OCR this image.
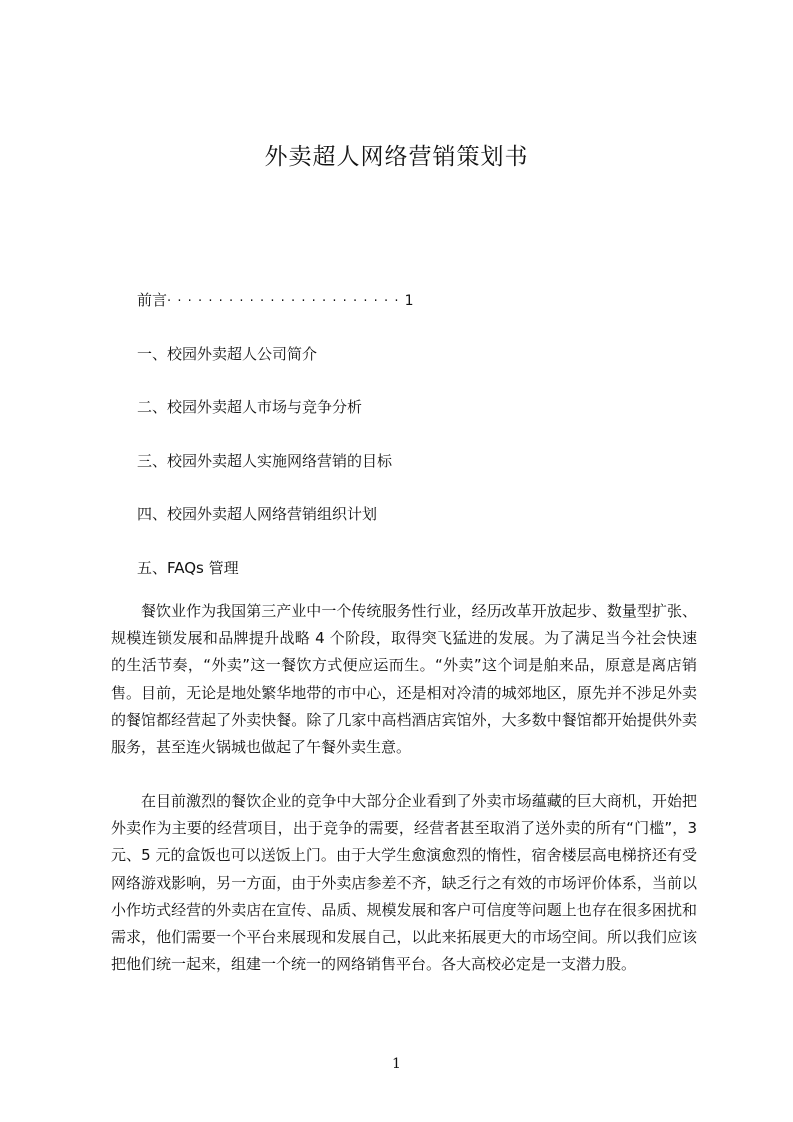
外卖超人网络营销策划书
前言·······················1
一、校园外卖超人公司简介
二、校园外卖超人市场与竞争分析
三、校园外卖超人实施网络营销的目标
四、校园外卖超人网络营销组织计划
五、FAQs 管理

餐饮业作为我国第三产业中一个传统服务性行业，经历改革开放起步、数量型扩张、规模连锁发展和品牌提升战略 4 个阶段，取得突飞猛进的发展。为了满足当今社会快速的生活节奏，“外卖”这一餐饮方式便应运而生。“外卖”这个词是舶来品，原意是离店销售。目前，无论是地处繁华地带的市中心，还是相对冷清的城郊地区，原先并不涉足外卖的餐馆都经营起了外卖快餐。除了几家中高档酒店宾馆外，大多数中餐馆都开始提供外卖服务，甚至连火锅城也做起了午餐外卖生意。

在目前激烈的餐饮企业的竞争中大部分企业看到了外卖市场蕴藏的巨大商机，开始把外卖作为主要的经营项目，出于竞争的需要，经营者甚至取消了送外卖的所有“门槛”，3 元、5 元的盒饭也可以送饭上门。由于大学生愈演愈烈的惰性，宿舍楼层高电梯挤还有受网络游戏影响，另一方面，由于外卖店参差不齐，缺乏行之有效的市场评价体系，当前以小作坊式经营的外卖店在宣传、品质、规模发展和客户可信度等问题上也存在很多困扰和需求，他们需要一个平台来展现和发展自己，以此来拓展更大的市场空间。所以我们应该把他们统一起来，组建一个统一的网络销售平台。各大高校必定是一支潜力股。

1
